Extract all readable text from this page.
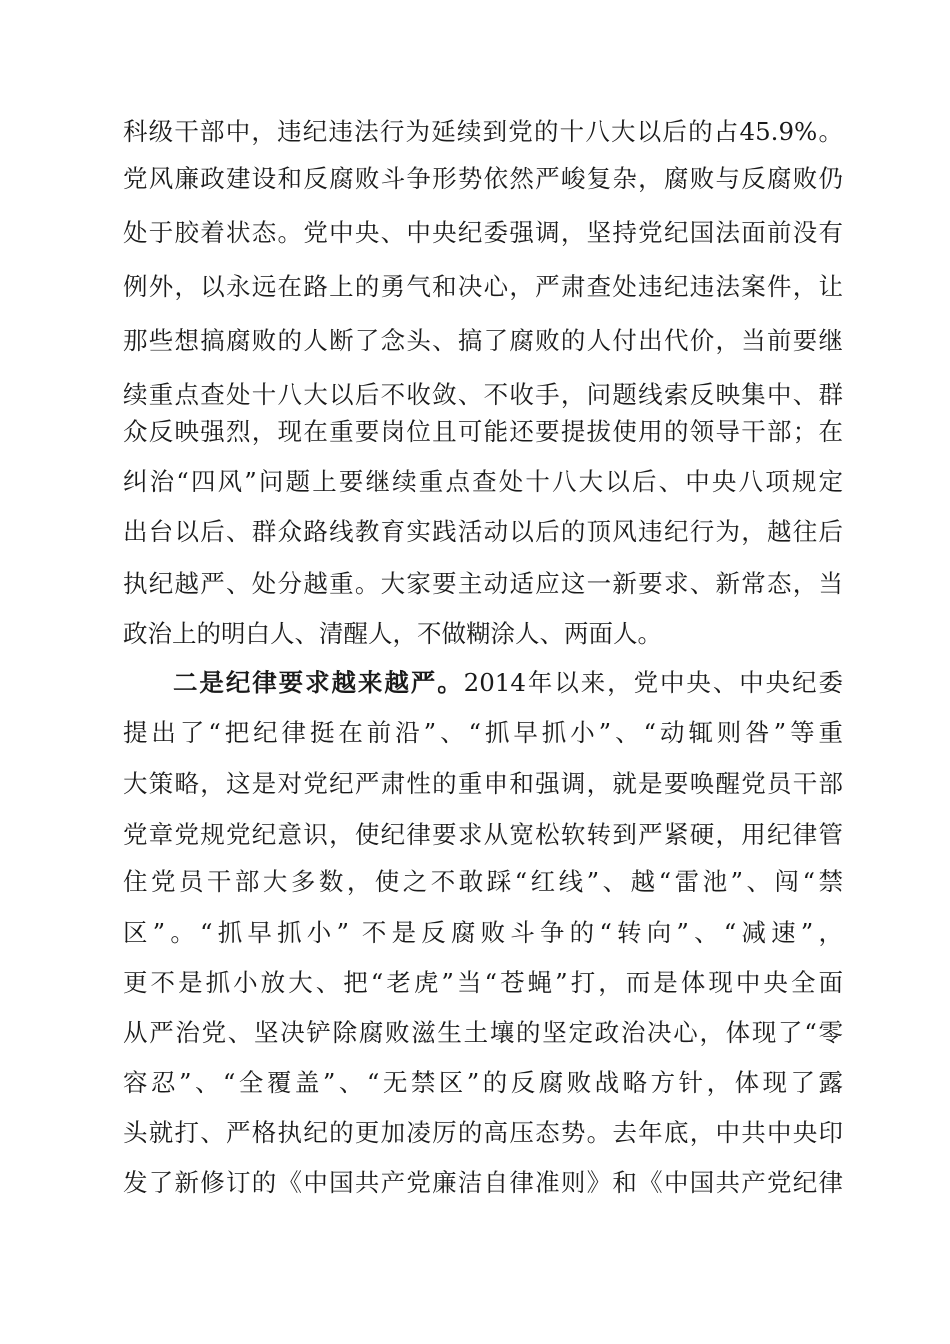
科级干部中，违纪违法行为延续到党的十八大以后的占45.9%。
党风廉政建设和反腐败斗争形势依然严峻复杂，腐败与反腐败仍
处于胶着状态。党中央、中央纪委强调，坚持党纪国法面前没有
例外，以永远在路上的勇气和决心，严肃查处违纪违法案件，让
那些想搞腐败的人断了念头、搞了腐败的人付出代价，当前要继
续重点查处十八大以后不收敛、不收手，问题线索反映集中、群
众反映强烈，现在重要岗位且可能还要提拔使用的领导干部；在
纠治“四风”问题上要继续重点查处十八大以后、中央八项规定
出台以后、群众路线教育实践活动以后的顶风违纪行为，越往后
执纪越严、处分越重。大家要主动适应这一新要求、新常态，当
政治上的明白人、清醒人，不做糊涂人、两面人。
二是纪律要求越来越严。2014年以来，党中央、中央纪委
提出了“把纪律挺在前沿”、“抓早抓小”、“动辄则咎”等重
大策略，这是对党纪严肃性的重申和强调，就是要唤醒党员干部
党章党规党纪意识，使纪律要求从宽松软转到严紧硬，用纪律管
住党员干部大多数，使之不敢踩“红线”、越“雷池”、闯“禁
区”。“抓早抓小” 不是反腐败斗争的“转向”、“减速”，
更不是抓小放大、把“老虎”当“苍蝇”打，而是体现中央全面
从严治党、坚决铲除腐败滋生土壤的坚定政治决心，体现了“零
容忍”、“全覆盖”、“无禁区”的反腐败战略方针，体现了露
头就打、严格执纪的更加凌厉的高压态势。去年底，中共中央印
发了新修订的《中国共产党廉洁自律准则》和《中国共产党纪律
